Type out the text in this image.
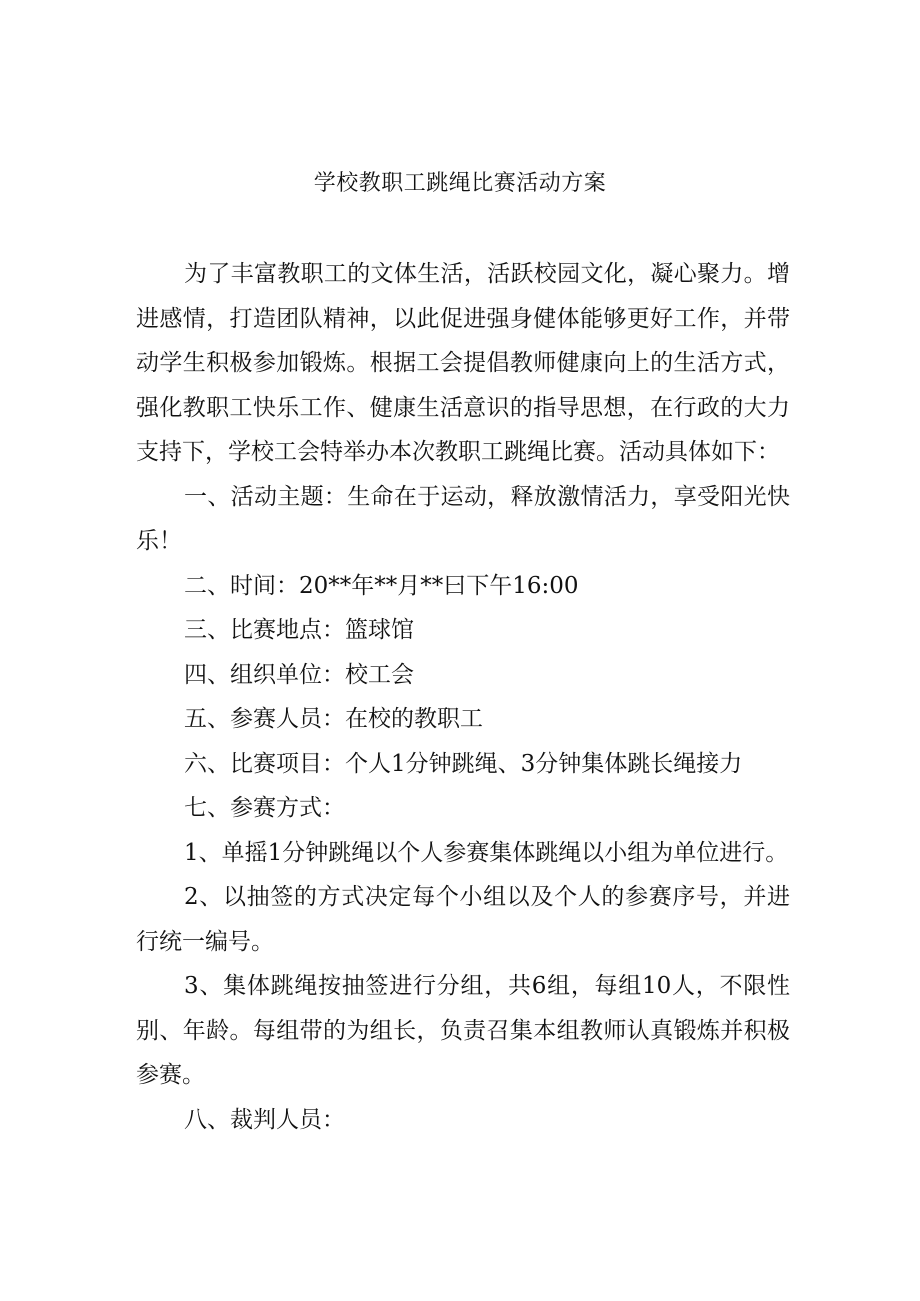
学校教职工跳绳比赛活动方案

为了丰富教职工的文体生活，活跃校园文化，凝心聚力。增进感情，打造团队精神，以此促进强身健体能够更好工作，并带动学生积极参加锻炼。根据工会提倡教师健康向上的生活方式，强化教职工快乐工作、健康生活意识的指导思想，在行政的大力支持下，学校工会特举办本次教职工跳绳比赛。活动具体如下：

一、活动主题：生命在于运动，释放激情活力，享受阳光快乐！

二、时间：20**年**月**曰下午16:00

三、比赛地点：篮球馆

四、组织单位：校工会

五、参赛人员：在校的教职工

六、比赛项目：个人1分钟跳绳、3分钟集体跳长绳接力

七、参赛方式：

1、单摇1分钟跳绳以个人参赛集体跳绳以小组为单位进行。

2、以抽签的方式决定每个小组以及个人的参赛序号，并进行统一编号。

3、集体跳绳按抽签进行分组，共6组，每组10人，不限性别、年龄。每组带的为组长，负责召集本组教师认真锻炼并积极参赛。

八、裁判人员：
